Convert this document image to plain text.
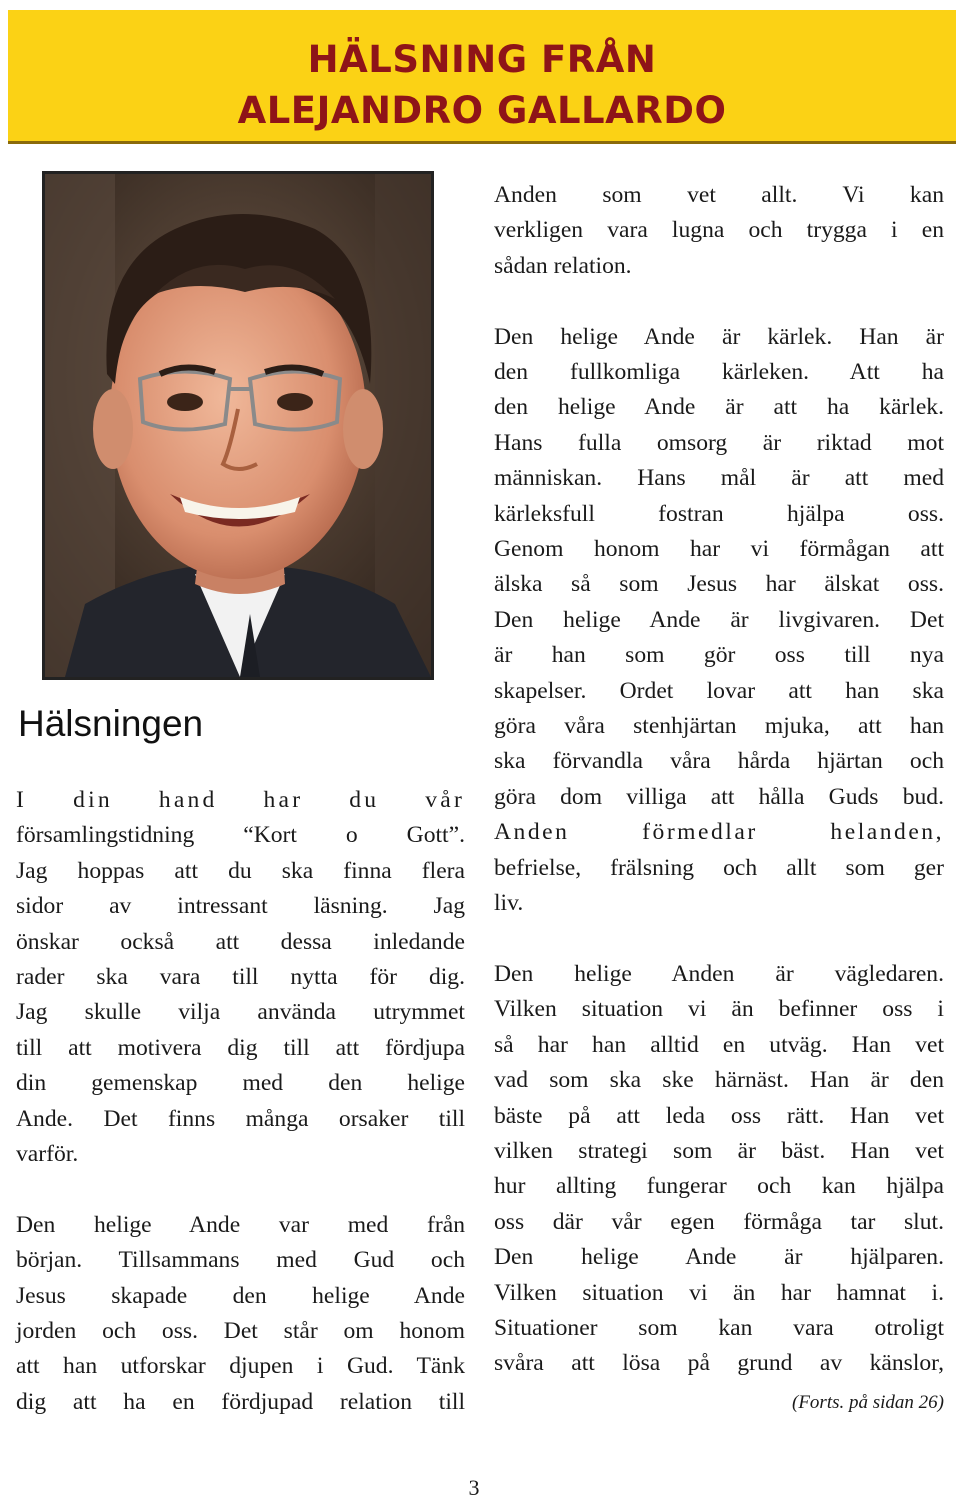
HÄLSNING FRÅN
ALEJANDRO GALLARDO
Hälsningen

I din hand har du vår
församlingstidning “Kort o Gott”.
Jag hoppas att du ska finna flera
sidor av intressant läsning. Jag
önskar också att dessa inledande
rader ska vara till nytta för dig.
Jag skulle vilja använda utrymmet
till att motivera dig till att fördjupa
din gemenskap med den helige
Ande. Det finns många orsaker till
varför.

Den helige Ande var med från
början. Tillsammans med Gud och
Jesus skapade den helige Ande
jorden och oss. Det står om honom
att han utforskar djupen i Gud. Tänk
dig att ha en fördjupad relation till

Anden som vet allt. Vi kan
verkligen vara lugna och trygga i en
sådan relation.

Den helige Ande är kärlek. Han är
den fullkomliga kärleken. Att ha
den helige Ande är att ha kärlek.
Hans fulla omsorg är riktad mot
människan. Hans mål är att med
kärleksfull fostran hjälpa oss.
Genom honom har vi förmågan att
älska så som Jesus har älskat oss.
Den helige Ande är livgivaren. Det
är han som gör oss till nya
skapelser. Ordet lovar att han ska
göra våra stenhjärtan mjuka, att han
ska förvandla våra hårda hjärtan och
göra dom villiga att hålla Guds bud.
Anden förmedlar helanden,
befrielse, frälsning och allt som ger
liv.

Den helige Anden är vägledaren.
Vilken situation vi än befinner oss i
så har han alltid en utväg. Han vet
vad som ska ske härnäst. Han är den
bäste på att leda oss rätt. Han vet
vilken strategi som är bäst. Han vet
hur allting fungerar och kan hjälpa
oss där vår egen förmåga tar slut.
Den helige Ande är hjälparen.
Vilken situation vi än har hamnat i.
Situationer som kan vara otroligt
svåra att lösa på grund av känslor,

(Forts. på sidan 26)
3
